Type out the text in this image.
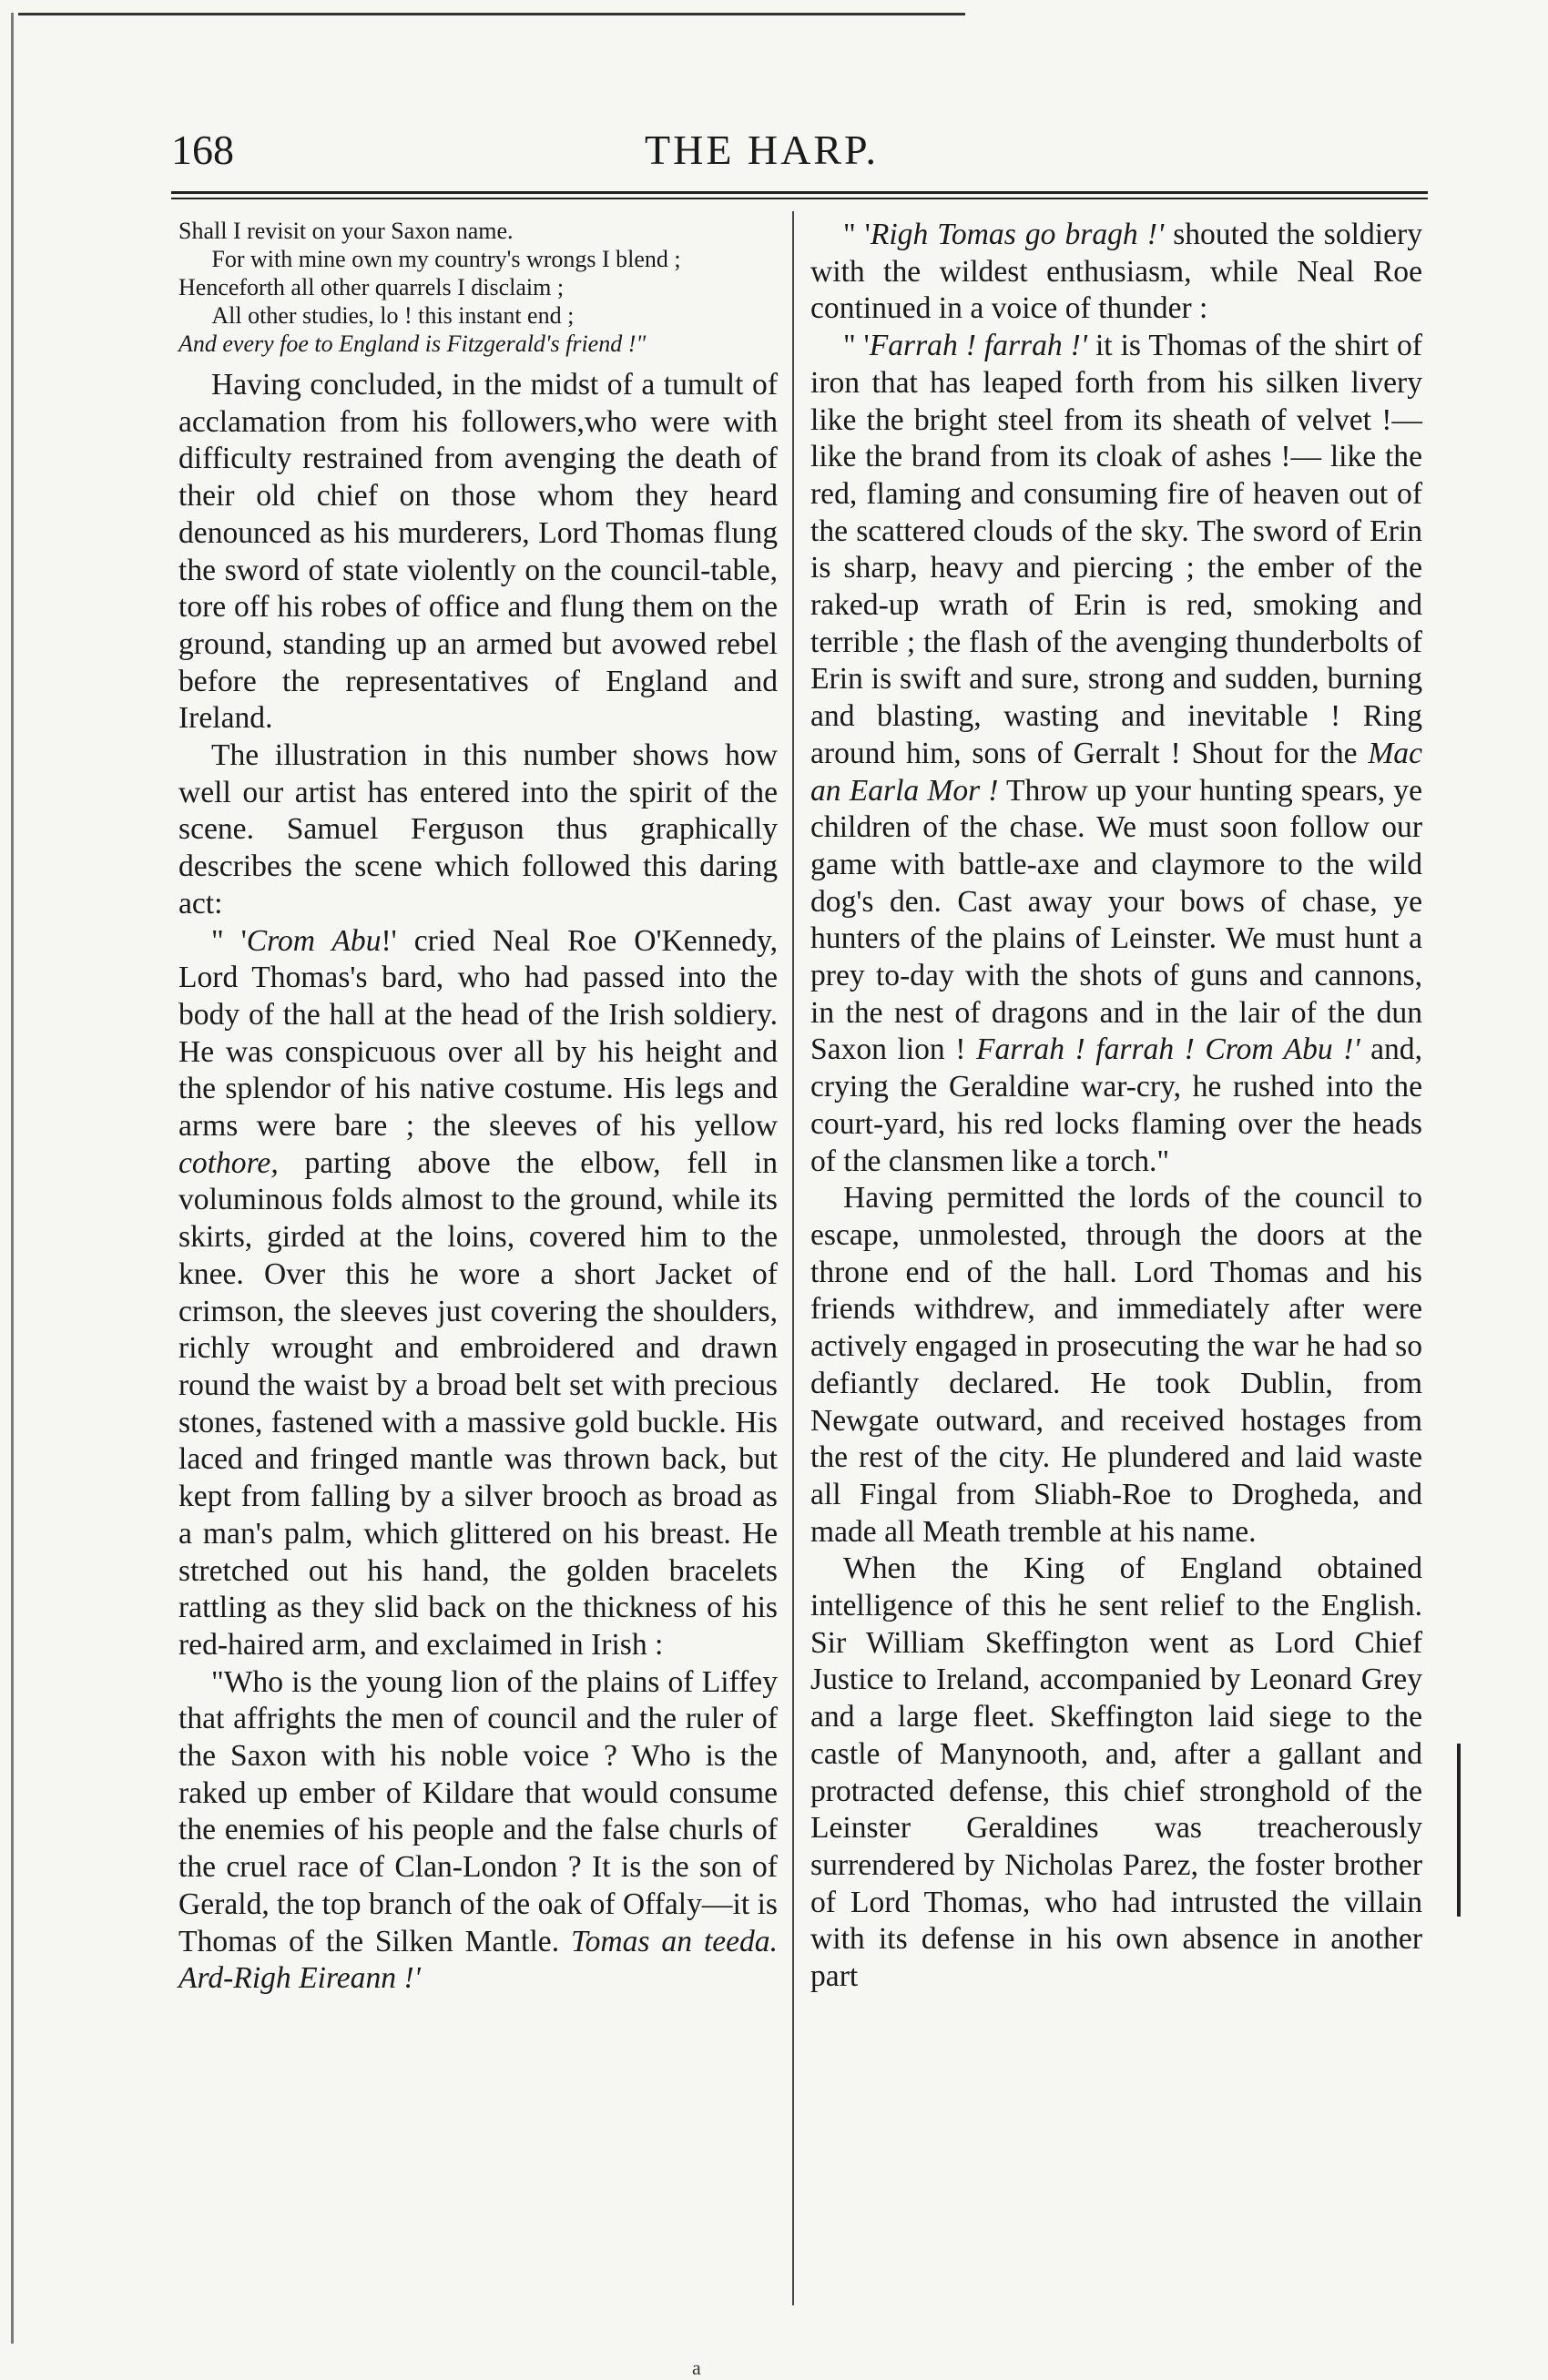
168	THE HARP.
Shall I revisit on your Saxon name.
For with mine own my country's wrongs I blend ;
Henceforth all other quarrels I disclaim ;
All other studies, lo ! this instant end ;
And every foe to England is Fitzgerald's friend !"

Having concluded, in the midst of a tumult of acclamation from his followers,who were with difficulty restrained from avenging the death of their old chief on those whom they heard denounced as his murderers, Lord Thomas flung the sword of state violently on the council-table, tore off his robes of office and flung them on the ground, standing up an armed but avowed rebel before the representatives of England and Ireland.

The illustration in this number shows how well our artist has entered into the spirit of the scene. Samuel Ferguson thus graphically describes the scene which followed this daring act:

" 'Crom Abu!' cried Neal Roe O'Kennedy, Lord Thomas's bard, who had passed into the body of the hall at the head of the Irish soldiery. He was conspicuous over all by his height and the splendor of his native costume. His legs and arms were bare ; the sleeves of his yellow cothore, parting above the elbow, fell in voluminous folds almost to the ground, while its skirts, girded at the loins, covered him to the knee. Over this he wore a short Jacket of crimson, the sleeves just covering the shoulders, richly wrought and embroidered and drawn round the waist by a broad belt set with precious stones, fastened with a massive gold buckle. His laced and fringed mantle was thrown back, but kept from falling by a silver brooch as broad as a man's palm, which glittered on his breast. He stretched out his hand, the golden bracelets rattling as they slid back on the thickness of his red-haired arm, and exclaimed in Irish :

"Who is the young lion of the plains of Liffey that affrights the men of council and the ruler of the Saxon with his noble voice ? Who is the raked up ember of Kildare that would consume the enemies of his people and the false churls of the cruel race of Clan-London ? It is the son of Gerald, the top branch of the oak of Offaly—it is Thomas of the Silken Mantle. Tomas an teeda. Ard-Righ Eireann !'

" 'Righ Tomas go bragh !' shouted the soldiery with the wildest enthusiasm, while Neal Roe continued in a voice of thunder :

" 'Farrah ! farrah !' it is Thomas of the shirt of iron that has leaped forth from his silken livery like the bright steel from its sheath of velvet !—like the brand from its cloak of ashes !— like the red, flaming and consuming fire of heaven out of the scattered clouds of the sky. The sword of Erin is sharp, heavy and piercing ; the ember of the raked-up wrath of Erin is red, smoking and terrible ; the flash of the avenging thunderbolts of Erin is swift and sure, strong and sudden, burning and blasting, wasting and inevitable ! Ring around him, sons of Gerralt ! Shout for the Mac an Earla Mor ! Throw up your hunting spears, ye children of the chase. We must soon follow our game with battle-axe and claymore to the wild dog's den. Cast away your bows of chase, ye hunters of the plains of Leinster. We must hunt a prey to-day with the shots of guns and cannons, in the nest of dragons and in the lair of the dun Saxon lion ! Farrah ! farrah ! Crom Abu !' and, crying the Geraldine war-cry, he rushed into the court-yard, his red locks flaming over the heads of the clansmen like a torch."

Having permitted the lords of the council to escape, unmolested, through the doors at the throne end of the hall. Lord Thomas and his friends withdrew, and immediately after were actively engaged in prosecuting the war he had so defiantly declared. He took Dublin, from Newgate outward, and received hostages from the rest of the city. He plundered and laid waste all Fingal from Sliabh-Roe to Drogheda, and made all Meath tremble at his name.

When the King of England obtained intelligence of this he sent relief to the English. Sir William Skeffington went as Lord Chief Justice to Ireland, accompanied by Leonard Grey and a large fleet. Skeffington laid siege to the castle of Manynooth, and, after a gallant and protracted defense, this chief stronghold of the Leinster Geraldines was treacherously surrendered by Nicholas Parez, the foster brother of Lord Thomas, who had intrusted the villain with its defense in his own absence in another part

a
